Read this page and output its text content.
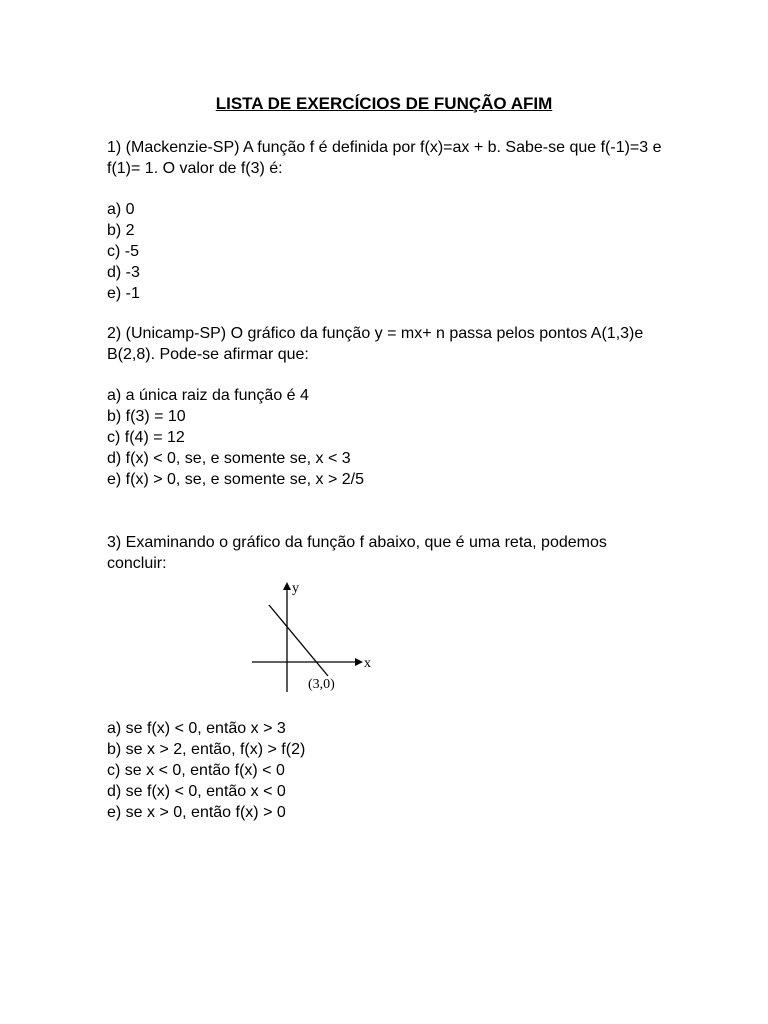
LISTA DE EXERCÍCIOS DE FUNÇÃO AFIM

1) (Mackenzie-SP) A função f é definida por f(x)=ax + b. Sabe-se que f(-1)=3 e f(1)= 1. O valor de f(3) é:

a) 0
b) 2
c) -5
d) -3
e) -1

2) (Unicamp-SP) O gráfico da função y = mx+ n passa pelos pontos A(1,3)e B(2,8). Pode-se afirmar que:

a) a única raiz da função é 4
b) f(3) = 10
c) f(4) = 12
d) f(x) < 0, se, e somente se, x < 3
e) f(x) > 0, se, e somente se, x > 2/5

3) Examinando o gráfico da função f abaixo, que é uma reta, podemos concluir:

x
y
(3,0)
a) se f(x) < 0, então x > 3
b) se x > 2, então, f(x) > f(2)
c) se x < 0, então f(x) < 0
d) se f(x) < 0, então x < 0
e) se x > 0, então f(x) > 0
